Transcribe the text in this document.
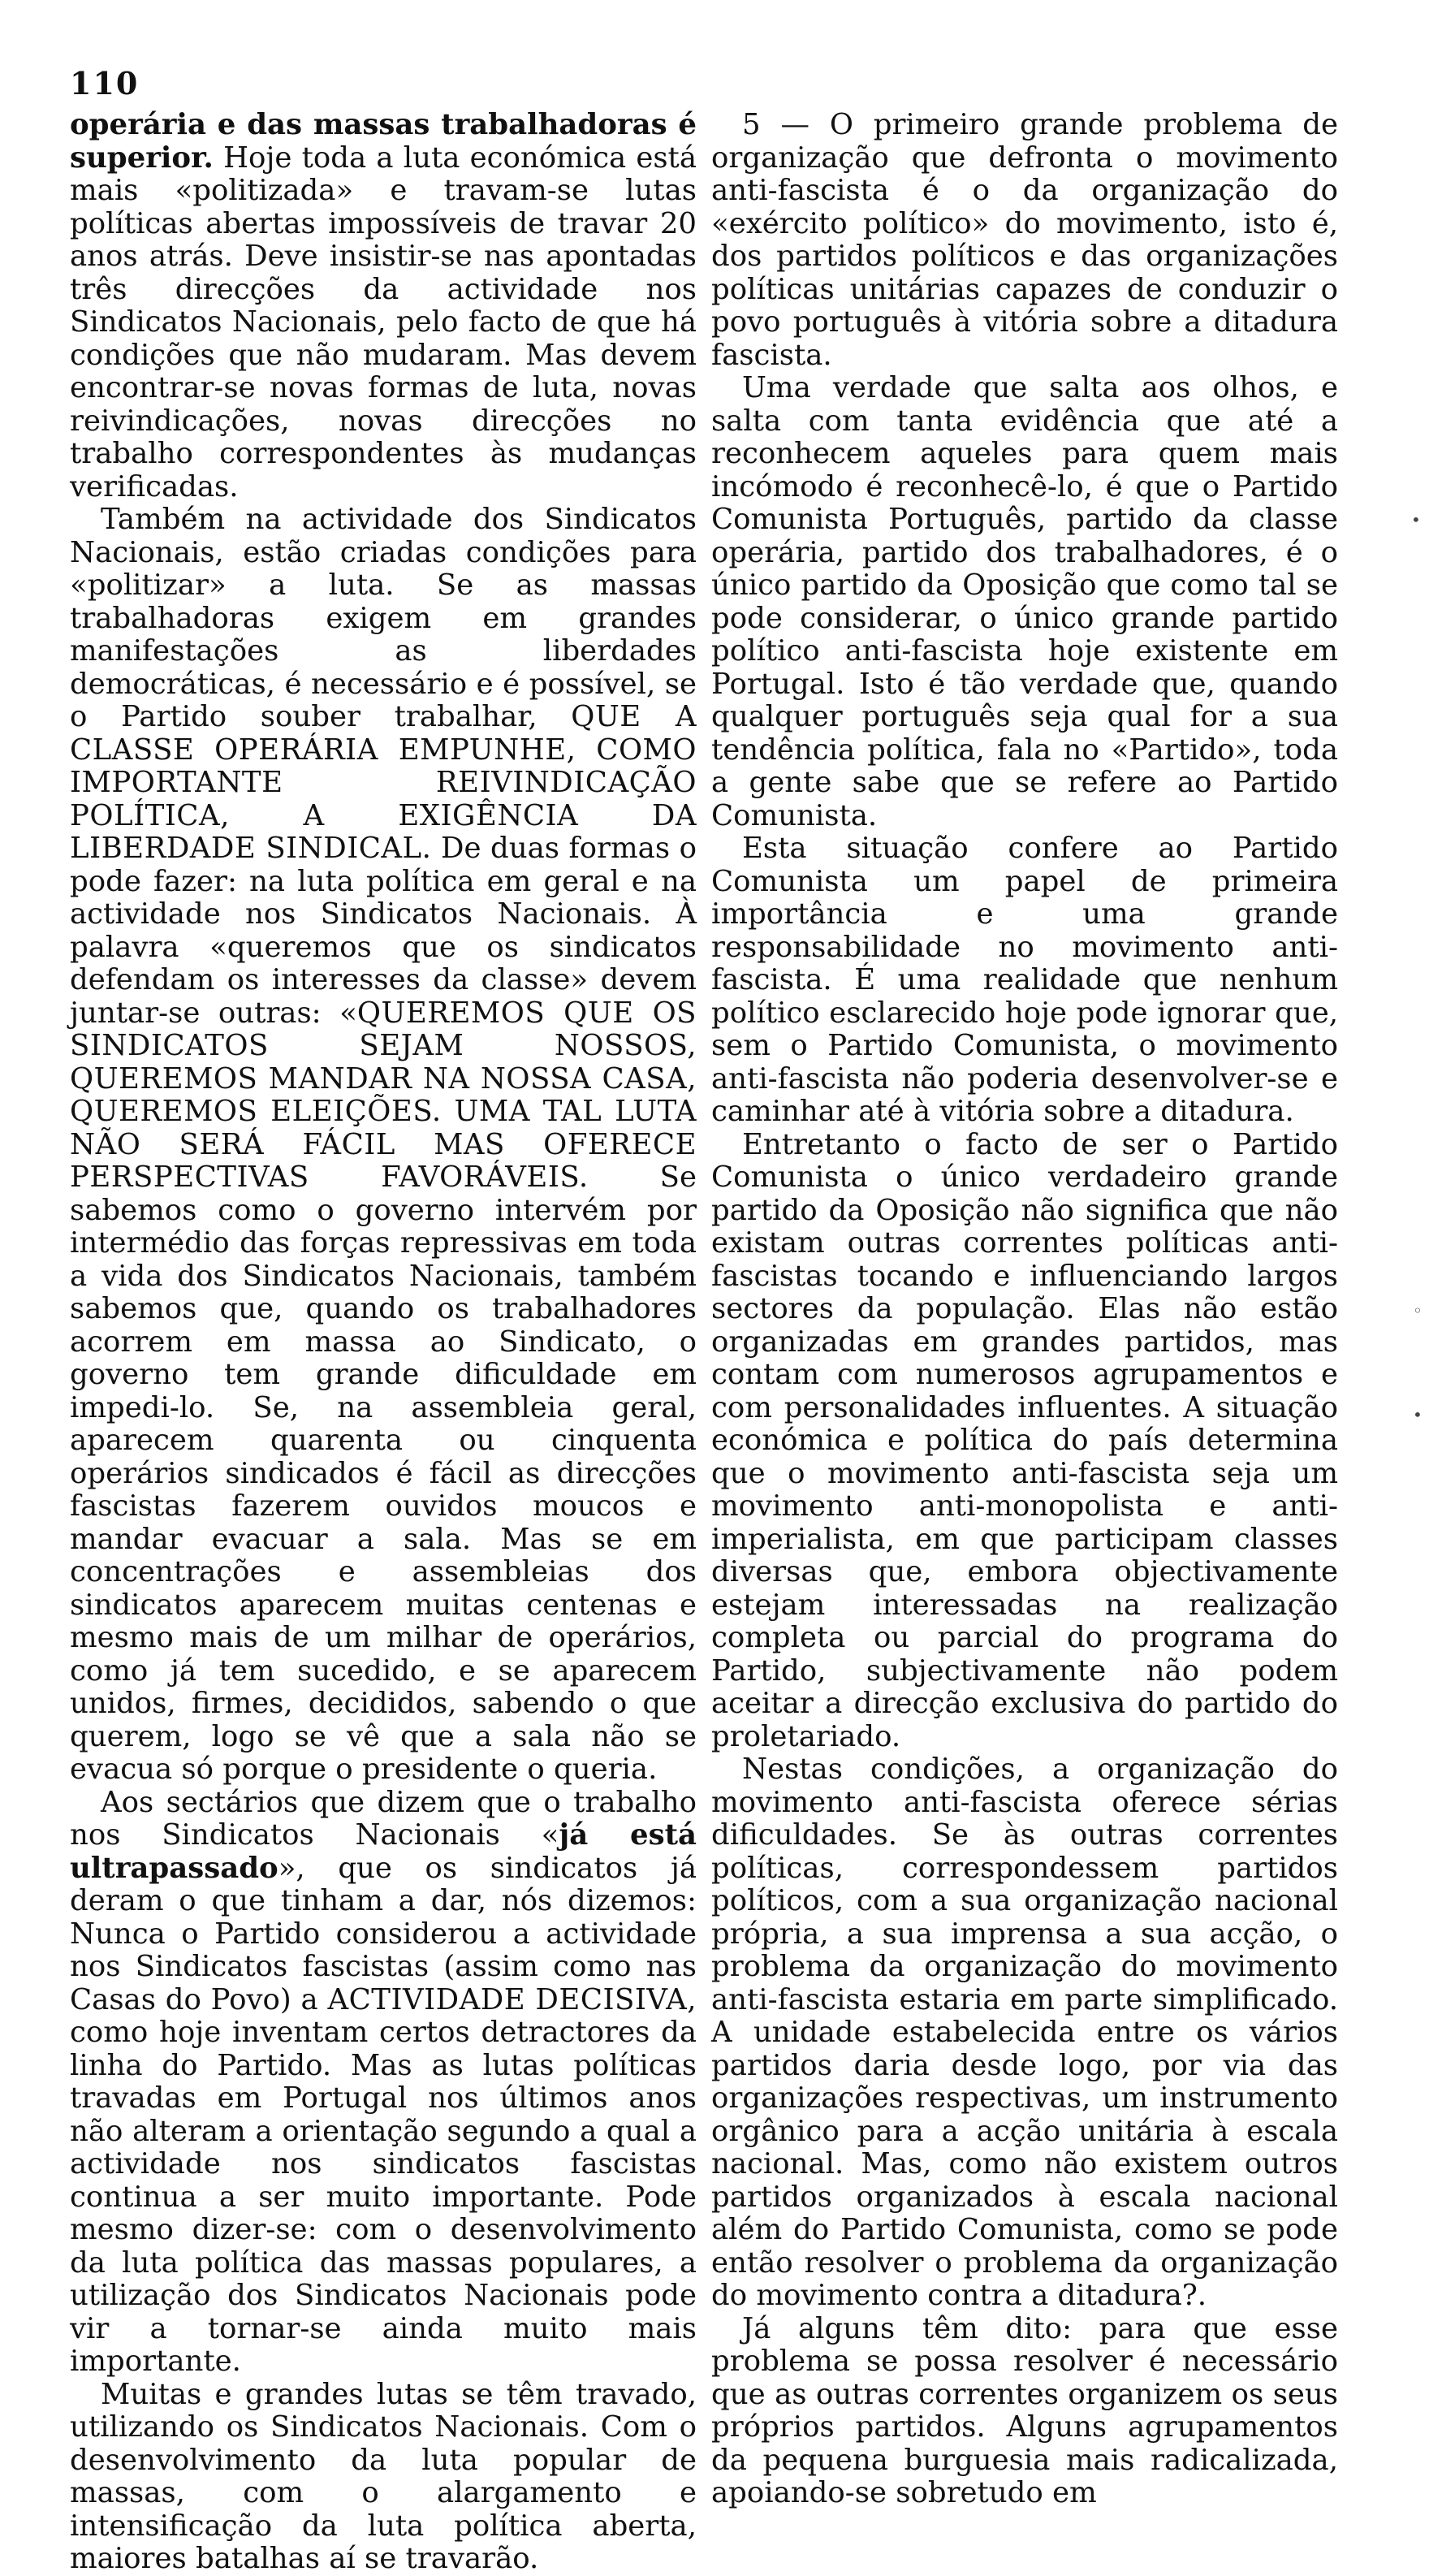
110

operária e das massas trabalhadoras é superior. Hoje toda a luta económica está mais «politizada» e travam-se lutas políticas abertas impossíveis de travar 20 anos atrás. Deve insistir-se nas apontadas três direcções da actividade nos Sindicatos Nacionais, pelo facto de que há condições que não mudaram. Mas devem encontrar-se novas formas de luta, novas reivindicações, novas direcções no trabalho correspondentes às mudanças verificadas.

Também na actividade dos Sindicatos Nacionais, estão criadas condições para «politizar» a luta. Se as massas trabalhadoras exigem em grandes manifestações as liberdades democráticas, é necessário e é possível, se o Partido souber trabalhar, QUE A CLASSE OPERÁRIA EMPUNHE, COMO IMPORTANTE REIVINDICAÇÃO POLÍTICA, A EXIGÊNCIA DA LIBERDADE SINDICAL. De duas formas o pode fazer: na luta política em geral e na actividade nos Sindicatos Nacionais. À palavra «queremos que os sindicatos defendam os interesses da classe» devem juntar-se outras: «QUEREMOS QUE OS SINDICATOS SEJAM NOSSOS, QUEREMOS MANDAR NA NOSSA CASA, QUEREMOS ELEIÇÕES. UMA TAL LUTA NÃO SERÁ FÁCIL MAS OFERECE PERSPECTIVAS FAVORÁVEIS. Se sabemos como o governo intervém por intermédio das forças repressivas em toda a vida dos Sindicatos Nacionais, também sabemos que, quando os trabalhadores acorrem em massa ao Sindicato, o governo tem grande dificuldade em impedi-lo. Se, na assembleia geral, aparecem quarenta ou cinquenta operários sindicados é fácil as direcções fascistas fazerem ouvidos moucos e mandar evacuar a sala. Mas se em concentrações e assembleias dos sindicatos aparecem muitas centenas e mesmo mais de um milhar de operários, como já tem sucedido, e se aparecem unidos, firmes, decididos, sabendo o que querem, logo se vê que a sala não se evacua só porque o presidente o queria.

Aos sectários que dizem que o trabalho nos Sindicatos Nacionais «já está ultrapassado», que os sindicatos já deram o que tinham a dar, nós dizemos: Nunca o Partido considerou a actividade nos Sindicatos fascistas (assim como nas Casas do Povo) a ACTIVIDADE DECISIVA, como hoje inventam certos detractores da linha do Partido. Mas as lutas políticas travadas em Portugal nos últimos anos não alteram a orientação segundo a qual a actividade nos sindicatos fascistas continua a ser muito importante. Pode mesmo dizer-se: com o desenvolvimento da luta política das massas populares, a utilização dos Sindicatos Nacionais pode vir a tornar-se ainda muito mais importante.

Muitas e grandes lutas se têm travado, utilizando os Sindicatos Nacionais. Com o desenvolvimento da luta popular de massas, com o alargamento e intensificação da luta política aberta, maiores batalhas aí se travarão.

5 — O primeiro grande problema de organização que defronta o movimento anti-fascista é o da organização do «exército político» do movimento, isto é, dos partidos políticos e das organizações políticas unitárias capazes de conduzir o povo português à vitória sobre a ditadura fascista.

Uma verdade que salta aos olhos, e salta com tanta evidência que até a reconhecem aqueles para quem mais incómodo é reconhecê-lo, é que o Partido Comunista Português, partido da classe operária, partido dos trabalhadores, é o único partido da Oposição que como tal se pode considerar, o único grande partido político anti-fascista hoje existente em Portugal. Isto é tão verdade que, quando qualquer português seja qual for a sua tendência política, fala no «Partido», toda a gente sabe que se refere ao Partido Comunista.

Esta situação confere ao Partido Comunista um papel de primeira importância e uma grande responsabilidade no movimento anti-fascista. É uma realidade que nenhum político esclarecido hoje pode ignorar que, sem o Partido Comunista, o movimento anti-fascista não poderia desenvolver-se e caminhar até à vitória sobre a ditadura.

Entretanto o facto de ser o Partido Comunista o único verdadeiro grande partido da Oposição não significa que não existam outras correntes políticas anti-fascistas tocando e influenciando largos sectores da população. Elas não estão organizadas em grandes partidos, mas contam com numerosos agrupamentos e com personalidades influentes. A situação económica e política do país determina que o movimento anti-fascista seja um movimento anti-monopolista e anti-imperialista, em que participam classes diversas que, embora objectivamente estejam interessadas na realização completa ou parcial do programa do Partido, subjectivamente não podem aceitar a direcção exclusiva do partido do proletariado.

Nestas condições, a organização do movimento anti-fascista oferece sérias dificuldades. Se às outras correntes políticas, correspondessem partidos políticos, com a sua organização nacional própria, a sua imprensa a sua acção, o problema da organização do movimento anti-fascista estaria em parte simplificado. A unidade estabelecida entre os vários partidos daria desde logo, por via das organizações respectivas, um instrumento orgânico para a acção unitária à escala nacional. Mas, como não existem outros partidos organizados à escala nacional além do Partido Comunista, como se pode então resolver o problema da organização do movimento contra a ditadura?.

Já alguns têm dito: para que esse problema se possa resolver é necessário que as outras correntes organizem os seus próprios partidos. Alguns agrupamentos da pequena burguesia mais radicalizada, apoiando-se sobretudo em

•
◦
•
